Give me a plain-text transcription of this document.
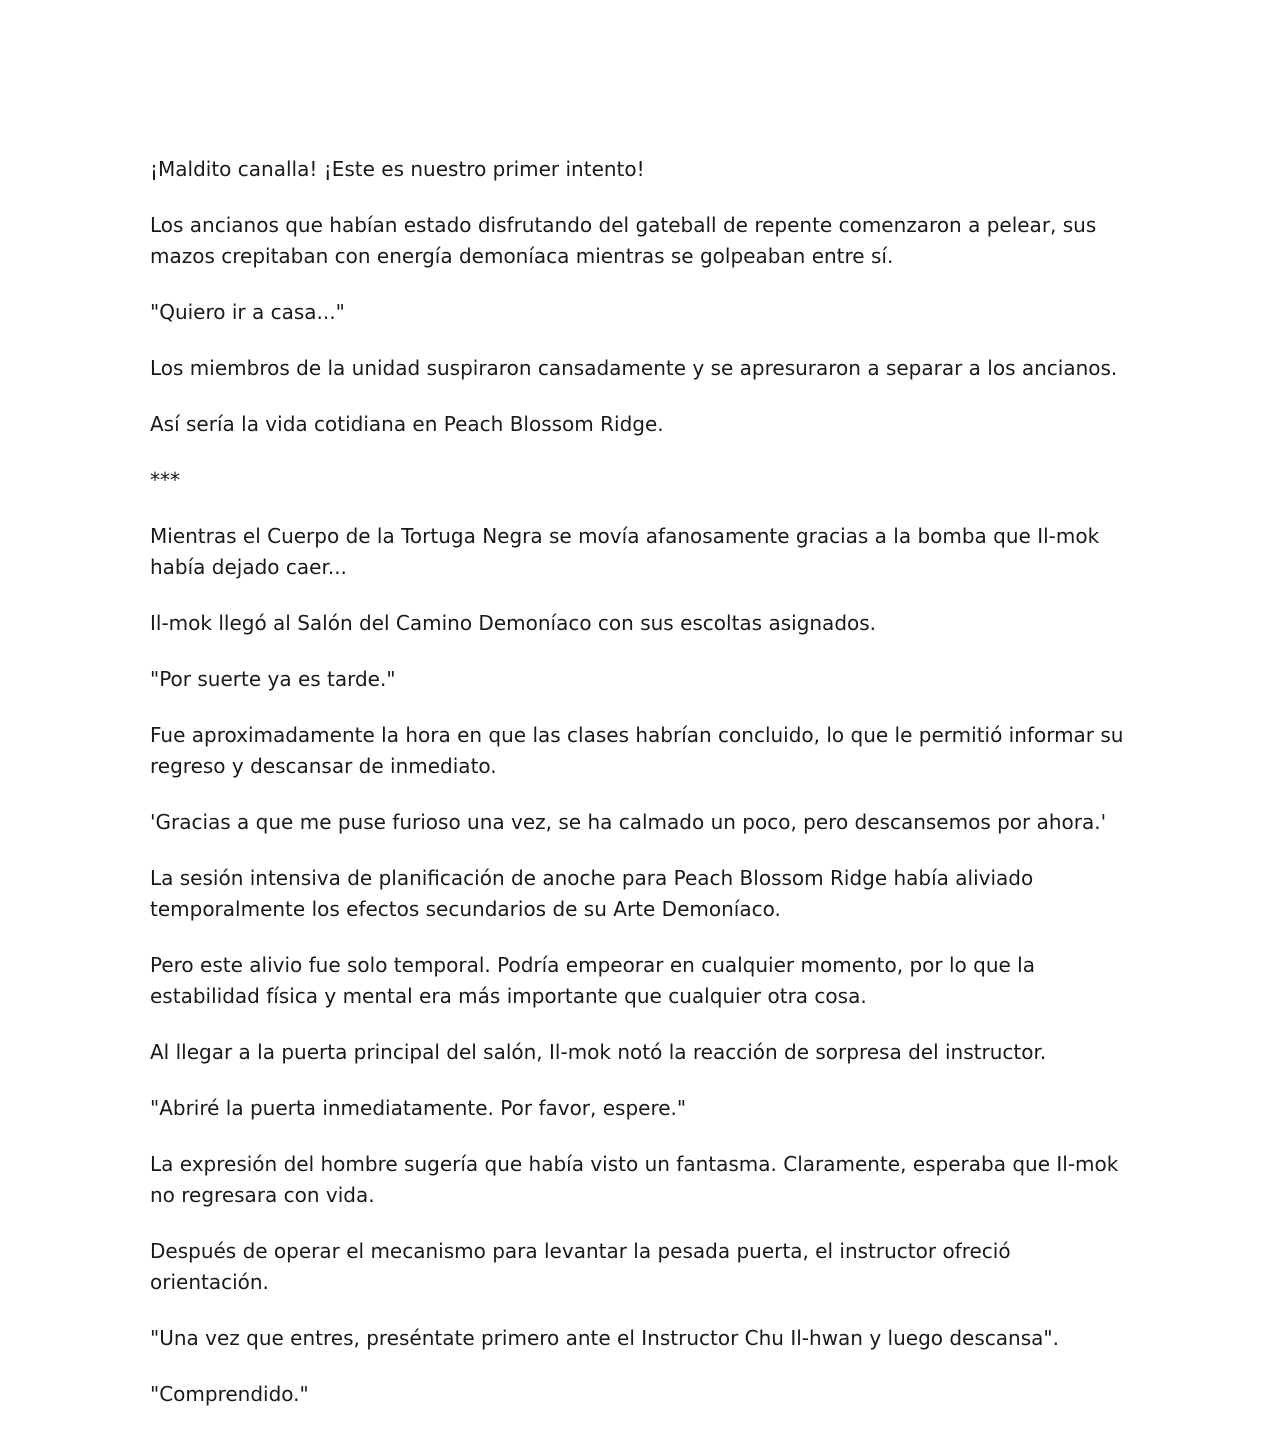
¡Maldito canalla! ¡Este es nuestro primer intento!

Los ancianos que habían estado disfrutando del gateball de repente comenzaron a pelear, sus mazos crepitaban con energía demoníaca mientras se golpeaban entre sí.

"Quiero ir a casa..."

Los miembros de la unidad suspiraron cansadamente y se apresuraron a separar a los ancianos.

Así sería la vida cotidiana en Peach Blossom Ridge.

***

Mientras el Cuerpo de la Tortuga Negra se movía afanosamente gracias a la bomba que Il-mok había dejado caer...

Il-mok llegó al Salón del Camino Demoníaco con sus escoltas asignados.

"Por suerte ya es tarde."

Fue aproximadamente la hora en que las clases habrían concluido, lo que le permitió informar su regreso y descansar de inmediato.

'Gracias a que me puse furioso una vez, se ha calmado un poco, pero descansemos por ahora.'

La sesión intensiva de planificación de anoche para Peach Blossom Ridge había aliviado temporalmente los efectos secundarios de su Arte Demoníaco.

Pero este alivio fue solo temporal. Podría empeorar en cualquier momento, por lo que la estabilidad física y mental era más importante que cualquier otra cosa.

Al llegar a la puerta principal del salón, Il-mok notó la reacción de sorpresa del instructor.

"Abriré la puerta inmediatamente. Por favor, espere."

La expresión del hombre sugería que había visto un fantasma. Claramente, esperaba que Il-mok no regresara con vida.

Después de operar el mecanismo para levantar la pesada puerta, el instructor ofreció orientación.

"Una vez que entres, preséntate primero ante el Instructor Chu Il-hwan y luego descansa".

"Comprendido."
